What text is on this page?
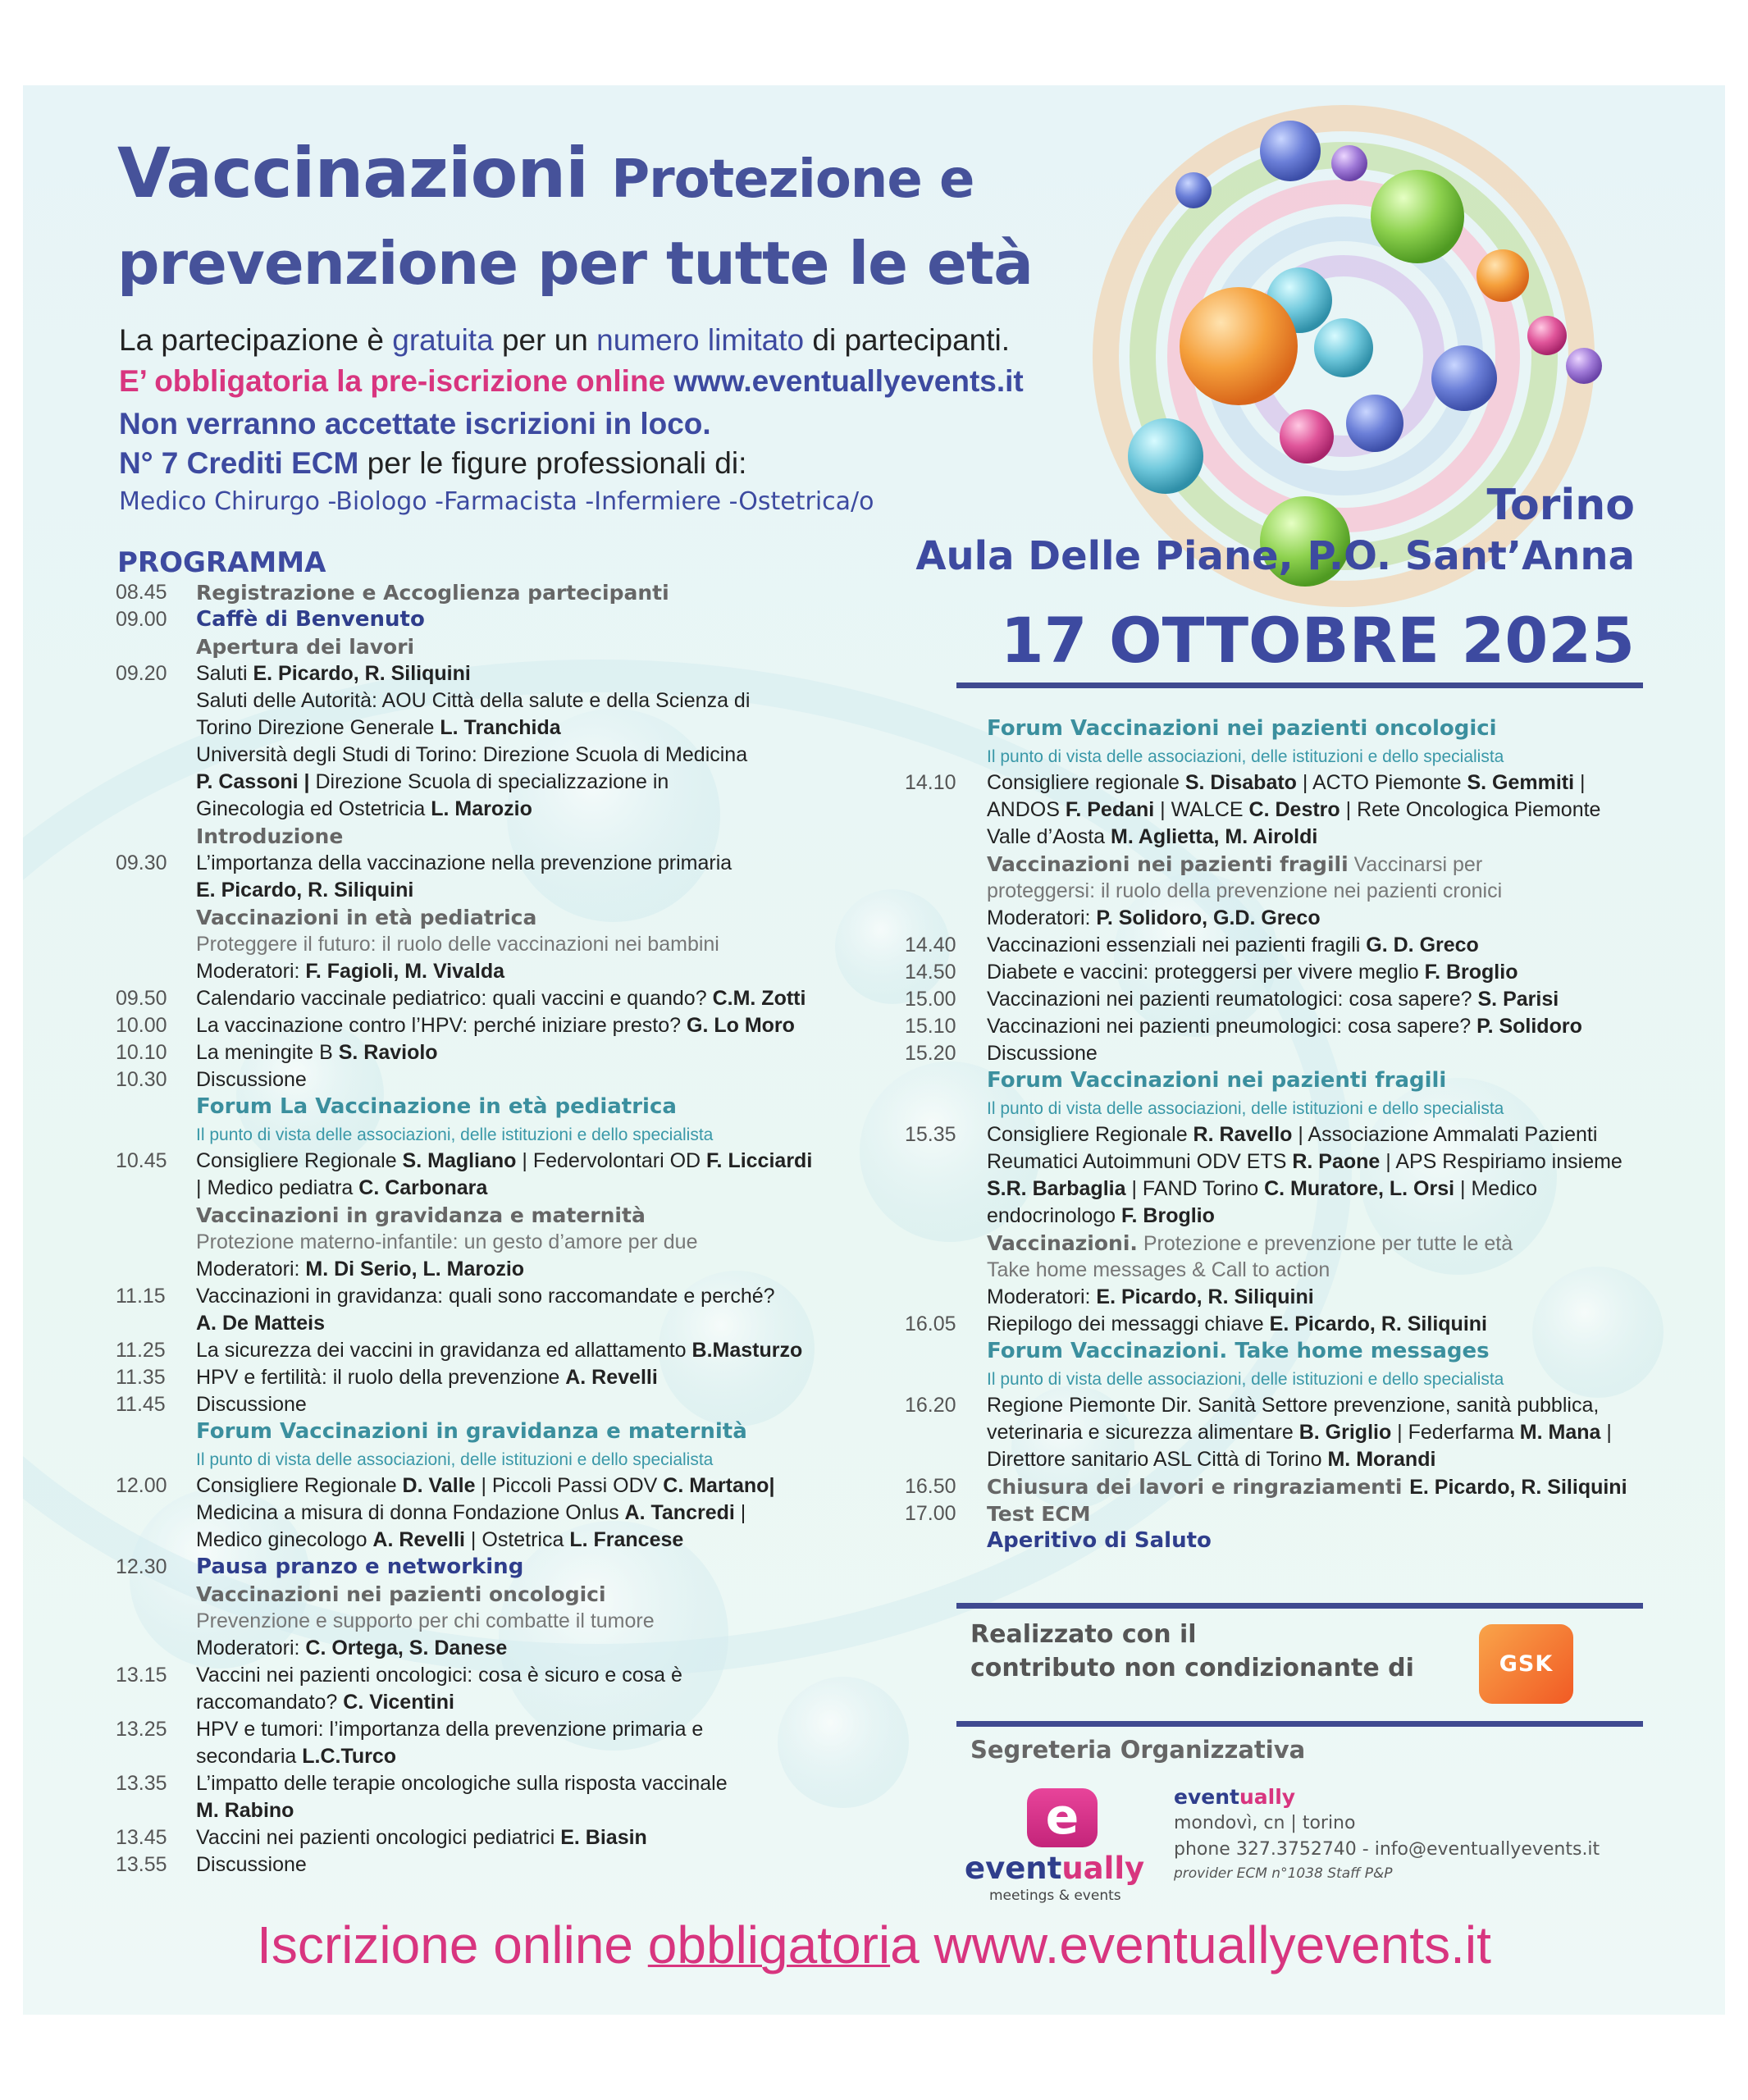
Vaccinazioni Protezione e
prevenzione per tutte le età
La partecipazione è gratuita per un numero limitato di partecipanti.
E’ obbligatoria la pre-iscrizione online www.eventuallyevents.it
Non verranno accettate iscrizioni in loco.
N° 7 Crediti ECM per le figure professionali di:
Medico Chirurgo -Biologo -Farmacista -Infermiere -Ostetrica/o	Torino
Aula Delle Piane, P.O. Sant’Anna
17 OTTOBRE 2025
PROGRAMMA
08.45 Registrazione e Accoglienza partecipanti
09.00 Caffè di Benvenuto
Apertura dei lavori
09.20 Saluti E. Picardo, R. Siliquini
Saluti delle Autorità: AOU Città della salute e della Scienza di
Torino Direzione Generale L. Tranchida
Università degli Studi di Torino: Direzione Scuola di Medicina
P. Cassoni | Direzione Scuola di specializzazione in
Ginecologia ed Ostetricia L. Marozio
Introduzione
09.30 L’importanza della vaccinazione nella prevenzione primaria
E. Picardo, R. Siliquini
Vaccinazioni in età pediatrica
Proteggere il futuro: il ruolo delle vaccinazioni nei bambini
Moderatori: F. Fagioli, M. Vivalda
09.50 Calendario vaccinale pediatrico: quali vaccini e quando? C.M. Zotti
10.00 La vaccinazione contro l’HPV: perché iniziare presto? G. Lo Moro
10.10 La meningite B S. Raviolo
10.30 Discussione
Forum La Vaccinazione in età pediatrica
Il punto di vista delle associazioni, delle istituzioni e dello specialista
10.45 Consigliere Regionale S. Magliano | Federvolontari OD F. Licciardi
| Medico pediatra C. Carbonara
Vaccinazioni in gravidanza e maternità
Protezione materno-infantile: un gesto d’amore per due
Moderatori: M. Di Serio, L. Marozio
11.15 Vaccinazioni in gravidanza: quali sono raccomandate e perché?
A. De Matteis
11.25 La sicurezza dei vaccini in gravidanza ed allattamento B.Masturzo
11.35 HPV e fertilità: il ruolo della prevenzione A. Revelli
11.45 Discussione
Forum Vaccinazioni in gravidanza e maternità
Il punto di vista delle associazioni, delle istituzioni e dello specialista
12.00 Consigliere Regionale D. Valle | Piccoli Passi ODV C. Martano|
Medicina a misura di donna Fondazione Onlus A. Tancredi |
Medico ginecologo A. Revelli | Ostetrica L. Francese
12.30 Pausa pranzo e networking
Vaccinazioni nei pazienti oncologici
Prevenzione e supporto per chi combatte il tumore
Moderatori: C. Ortega, S. Danese
13.15 Vaccini nei pazienti oncologici: cosa è sicuro e cosa è
raccomandato? C. Vicentini
13.25 HPV e tumori: l’importanza della prevenzione primaria e
secondaria L.C.Turco
13.35 L’impatto delle terapie oncologiche sulla risposta vaccinale
M. Rabino
13.45 Vaccini nei pazienti oncologici pediatrici E. Biasin
13.55 Discussione
Forum Vaccinazioni nei pazienti oncologici
Il punto di vista delle associazioni, delle istituzioni e dello specialista
14.10 Consigliere regionale S. Disabato | ACTO Piemonte S. Gemmiti |
ANDOS F. Pedani | WALCE C. Destro | Rete Oncologica Piemonte
Valle d’Aosta M. Aglietta, M. Airoldi
Vaccinazioni nei pazienti fragili Vaccinarsi per
proteggersi: il ruolo della prevenzione nei pazienti cronici
Moderatori: P. Solidoro, G.D. Greco
14.40 Vaccinazioni essenziali nei pazienti fragili G. D. Greco
14.50 Diabete e vaccini: proteggersi per vivere meglio F. Broglio
15.00 Vaccinazioni nei pazienti reumatologici: cosa sapere? S. Parisi
15.10 Vaccinazioni nei pazienti pneumologici: cosa sapere? P. Solidoro
15.20 Discussione
Forum Vaccinazioni nei pazienti fragili
Il punto di vista delle associazioni, delle istituzioni e dello specialista
15.35 Consigliere Regionale R. Ravello | Associazione Ammalati Pazienti
Reumatici Autoimmuni ODV ETS R. Paone | APS Respiriamo insieme
S.R. Barbaglia | FAND Torino C. Muratore, L. Orsi | Medico
endocrinologo F. Broglio
Vaccinazioni. Protezione e prevenzione per tutte le età
Take home messages & Call to action
Moderatori: E. Picardo, R. Siliquini
16.05 Riepilogo dei messaggi chiave E. Picardo, R. Siliquini
Forum Vaccinazioni. Take home messages
Il punto di vista delle associazioni, delle istituzioni e dello specialista
16.20 Regione Piemonte Dir. Sanità Settore prevenzione, sanità pubblica,
veterinaria e sicurezza alimentare B. Griglio | Federfarma M. Mana |
Direttore sanitario ASL Città di Torino M. Morandi
16.50 Chiusura dei lavori e ringraziamenti E. Picardo, R. Siliquini
17.00 Test ECM
Aperitivo di Saluto
Realizzato con il
contributo non condizionante di	GSK
Segreteria Organizzativa
e
eventually
meetings & events
eventually
mondovì, cn | torino
phone 327.3752740 - info@eventuallyevents.it
provider ECM n°1038 Staff P&P
Iscrizione online obbligatoria www.eventuallyevents.it
